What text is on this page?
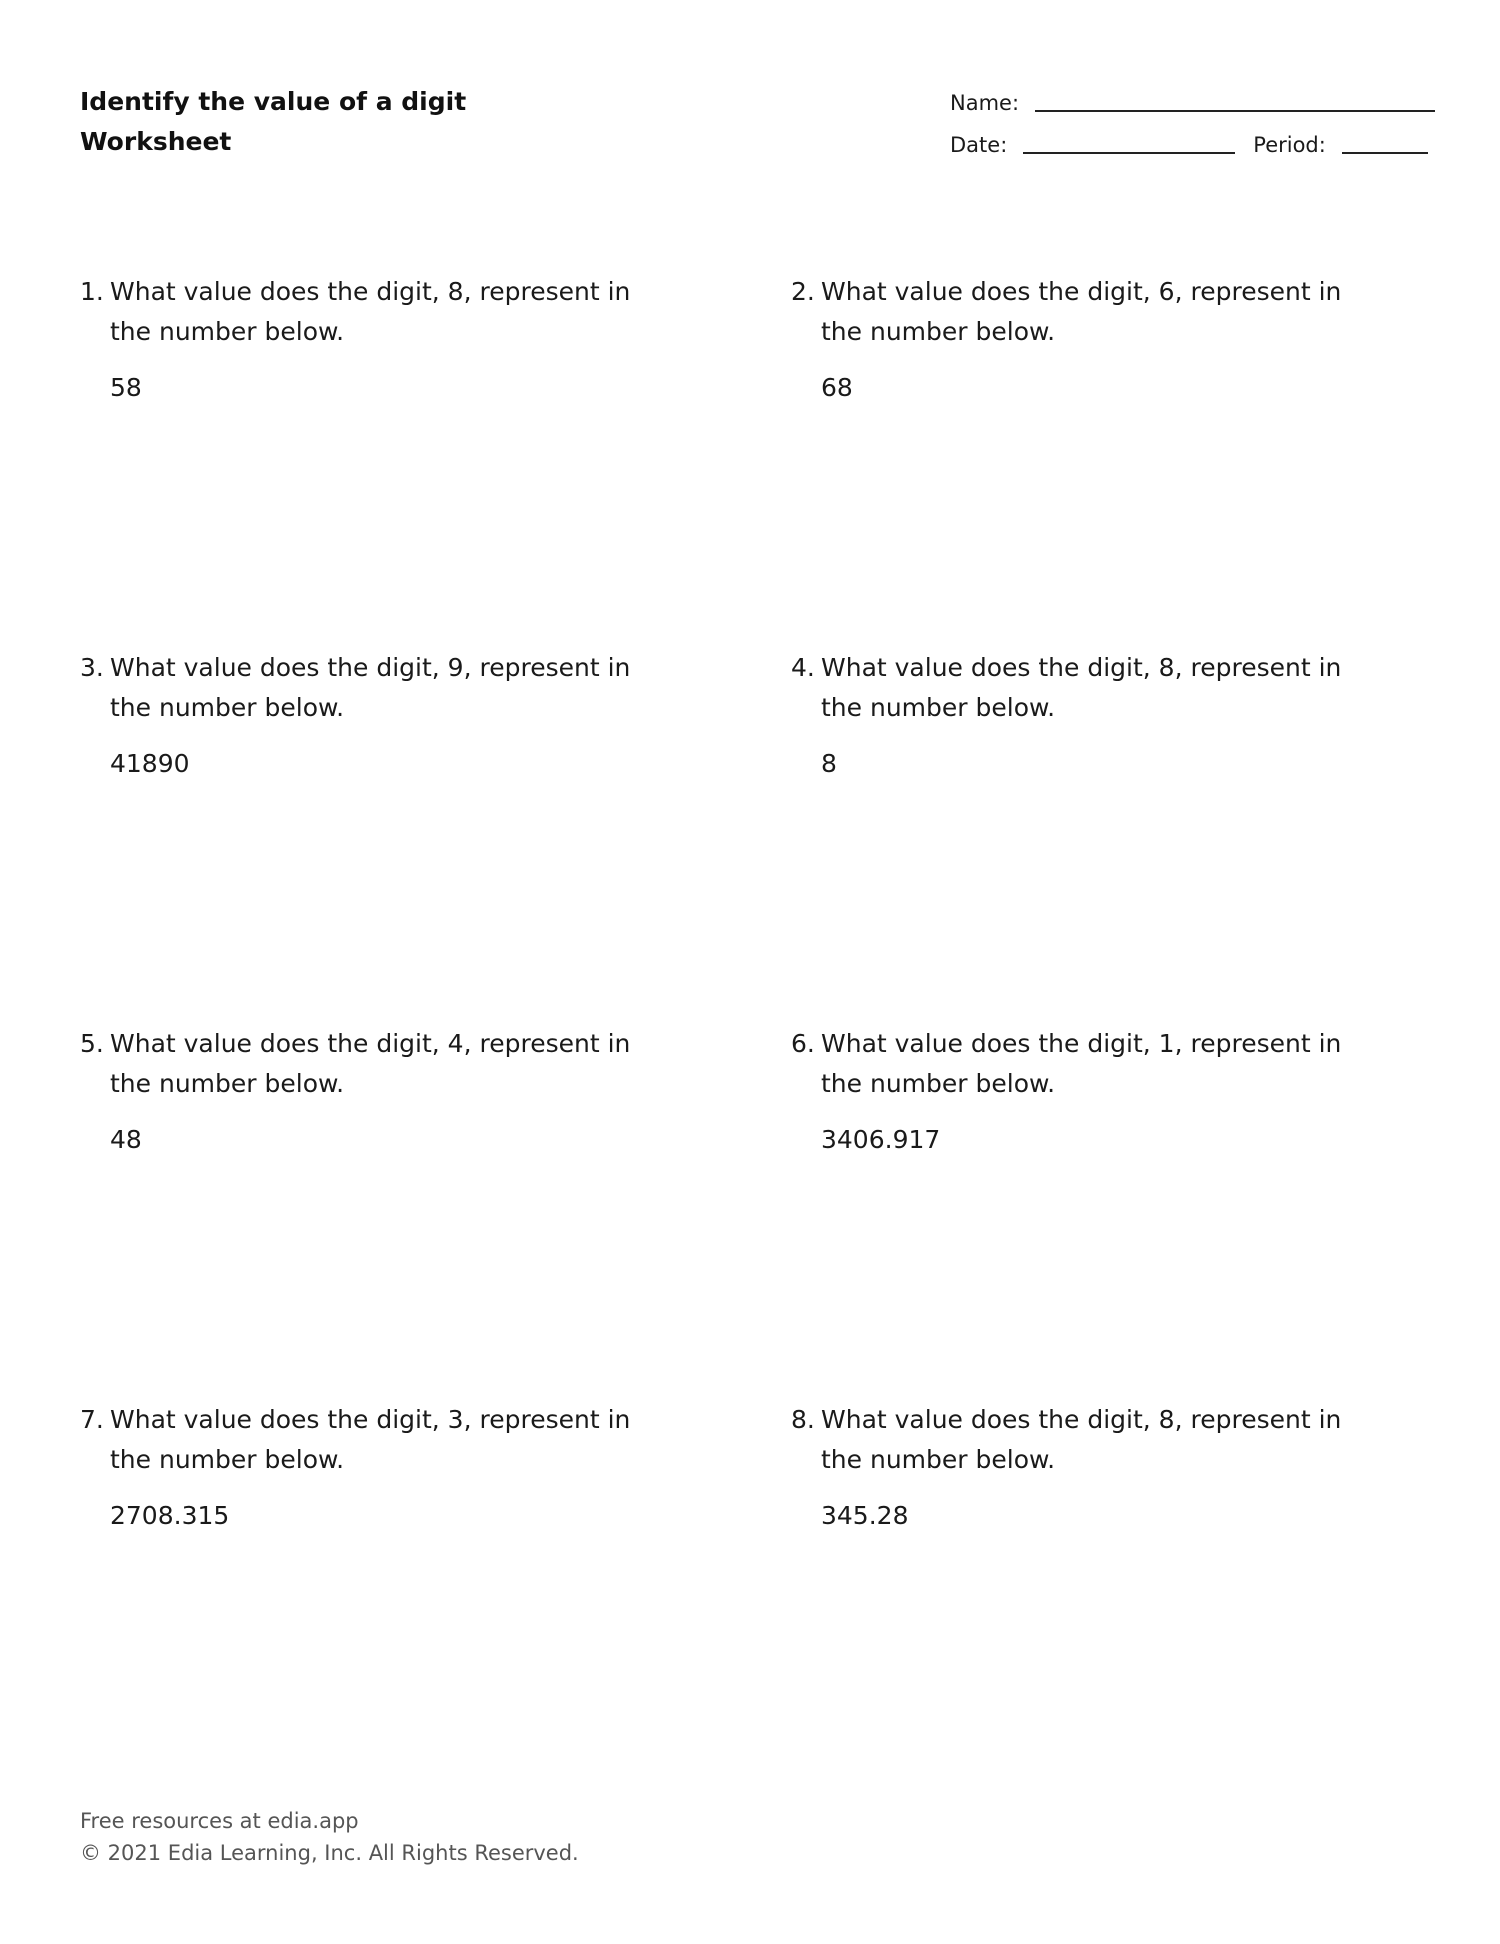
Identify the value of a digit
Worksheet
Name:
Date:	Period:
1. What value does the digit, 8, represent in the number below.
58
2. What value does the digit, 6, represent in the number below.
68
3. What value does the digit, 9, represent in the number below.
41890
4. What value does the digit, 8, represent in the number below.
8
5. What value does the digit, 4, represent in the number below.
48
6. What value does the digit, 1, represent in the number below.
3406.917
7. What value does the digit, 3, represent in the number below.
2708.315
8. What value does the digit, 8, represent in the number below.
345.28
Free resources at edia.app
© 2021 Edia Learning, Inc. All Rights Reserved.
